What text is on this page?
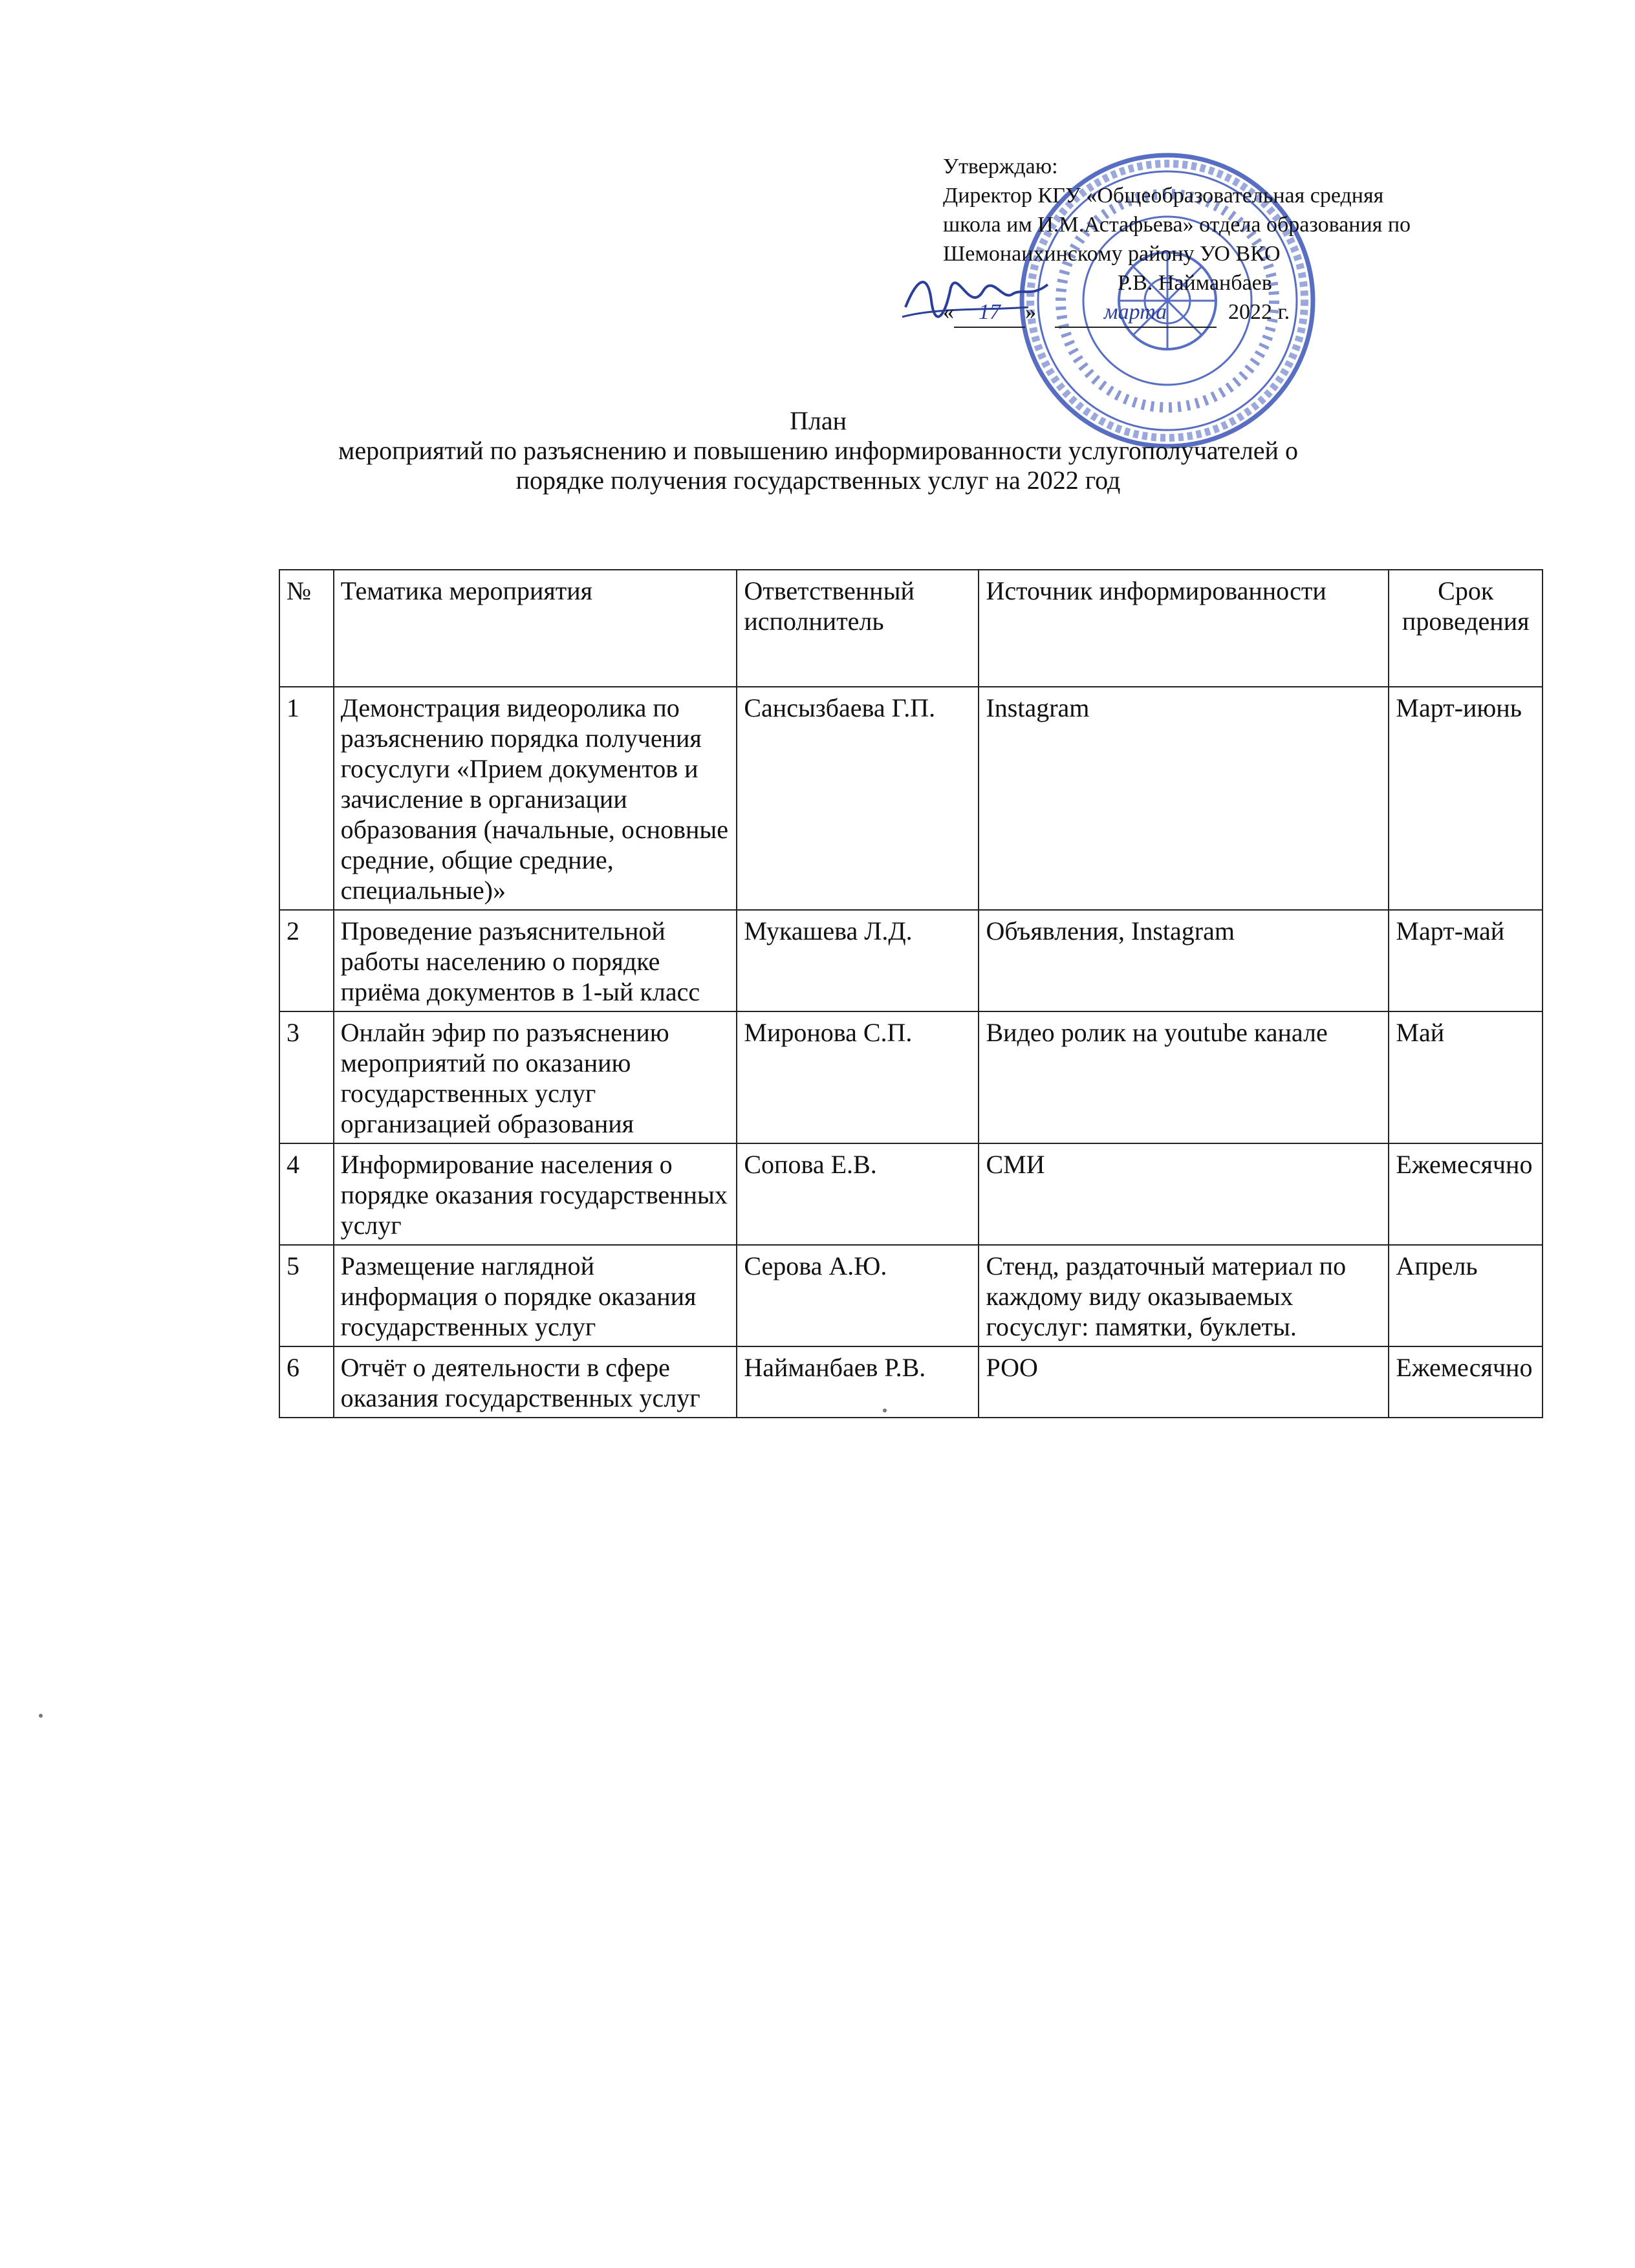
Утверждаю:
Директор КГУ «Общеобразовательная средняя
школа им И.М.Астафьева» отдела образования по
Шемонаихинскому району УО ВКО
Р.В. Найманбаев
« 17 »	марта	2022 г.
План
мероприятий по разъяснению и повышению информированности услугополучателей о
порядке получения государственных услуг на 2022 год
№	Тематика мероприятия	Ответственный исполнитель	Источник информированности	Срок проведения
1	Демонстрация видеоролика по разъяснению порядка получения госуслуги «Прием документов и зачисление в организации образования (начальные, основные средние, общие средние, специальные)»	Сансызбаева Г.П.	Instagram	Март-июнь
2	Проведение разъяснительной работы населению о порядке приёма документов в 1-ый класс	Мукашева Л.Д.	Объявления, Instagram	Март-май
3	Онлайн эфир по разъяснению мероприятий по оказанию государственных услуг организацией образования	Миронова С.П.	Видео ролик на youtube канале	Май
4	Информирование населения о порядке оказания государственных услуг	Сопова Е.В.	СМИ	Ежемесячно
5	Размещение наглядной информация о порядке оказания государственных услуг	Серова А.Ю.	Стенд, раздаточный материал по каждому виду оказываемых госуслуг: памятки, буклеты.	Апрель
6	Отчёт о деятельности в сфере оказания государственных услуг	Найманбаев Р.В.	РОО	Ежемесячно
